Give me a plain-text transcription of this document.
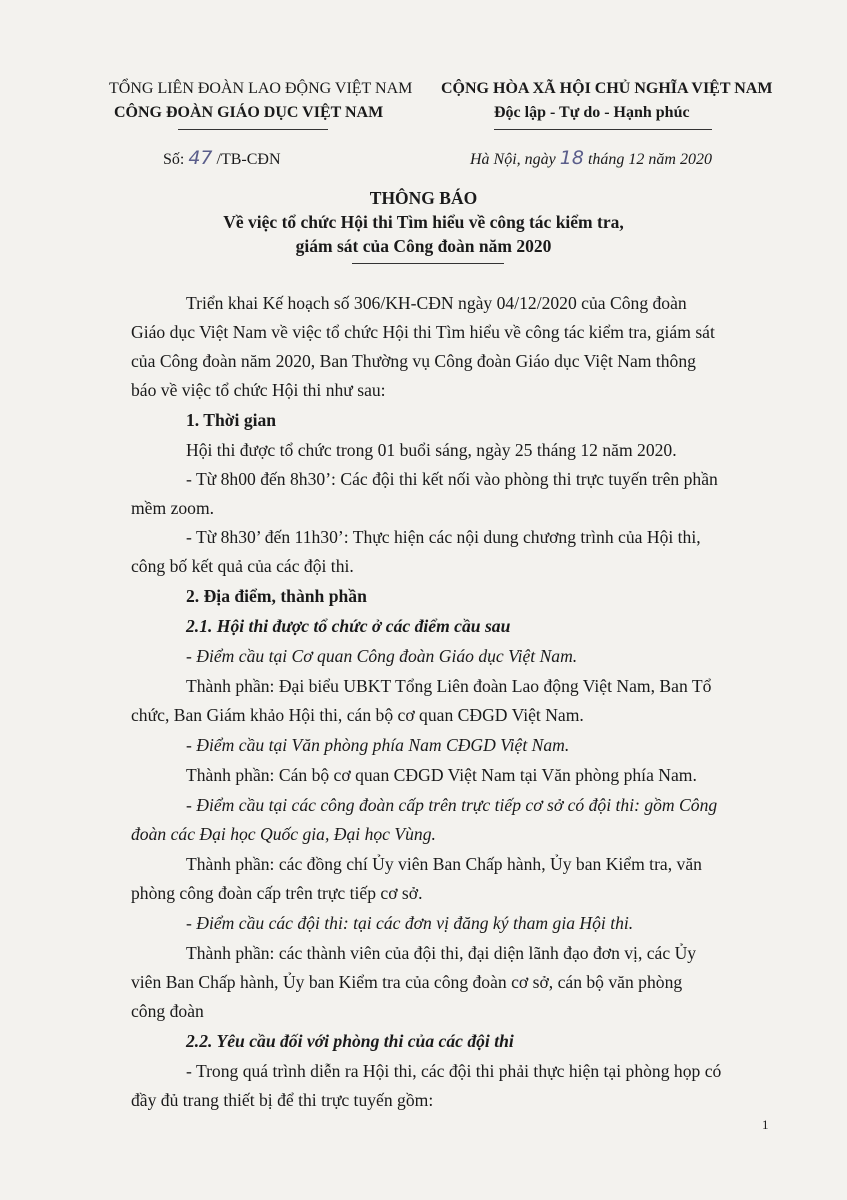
TỔNG LIÊN ĐOÀN LAO ĐỘNG VIỆT NAM
CÔNG ĐOÀN GIÁO DỤC VIỆT NAM
CỘNG HÒA XÃ HỘI CHỦ NGHĨA VIỆT NAM
Độc lập - Tự do - Hạnh phúc
Số: 47 /TB-CĐN	Hà Nội, ngày 18 tháng 12 năm 2020
THÔNG BÁO
Về việc tổ chức Hội thi Tìm hiểu về công tác kiểm tra,
giám sát của Công đoàn năm 2020
Triển khai Kế hoạch số 306/KH-CĐN ngày 04/12/2020 của Công đoàn
Giáo dục Việt Nam về việc tổ chức Hội thi Tìm hiểu về công tác kiểm tra, giám sát
của Công đoàn năm 2020, Ban Thường vụ Công đoàn Giáo dục Việt Nam thông
báo về việc tổ chức Hội thi như sau:
1. Thời gian
Hội thi được tổ chức trong 01 buổi sáng, ngày 25 tháng 12 năm 2020.
- Từ 8h00 đến 8h30’: Các đội thi kết nối vào phòng thi trực tuyến trên phần
mềm zoom.
- Từ 8h30’ đến 11h30’: Thực hiện các nội dung chương trình của Hội thi,
công bố kết quả của các đội thi.
2. Địa điểm, thành phần
2.1. Hội thi được tổ chức ở các điểm cầu sau
- Điểm cầu tại Cơ quan Công đoàn Giáo dục Việt Nam.
Thành phần: Đại biểu UBKT Tổng Liên đoàn Lao động Việt Nam, Ban Tổ
chức, Ban Giám khảo Hội thi, cán bộ cơ quan CĐGD Việt Nam.
- Điểm cầu tại Văn phòng phía Nam CĐGD Việt Nam.
Thành phần: Cán bộ cơ quan CĐGD Việt Nam tại Văn phòng phía Nam.
- Điểm cầu tại các công đoàn cấp trên trực tiếp cơ sở có đội thi: gồm Công
đoàn các Đại học Quốc gia, Đại học Vùng.
Thành phần: các đồng chí Ủy viên Ban Chấp hành, Ủy ban Kiểm tra, văn
phòng công đoàn cấp trên trực tiếp cơ sở.
- Điểm cầu các đội thi: tại các đơn vị đăng ký tham gia Hội thi.
Thành phần: các thành viên của đội thi, đại diện lãnh đạo đơn vị, các Ủy
viên Ban Chấp hành, Ủy ban Kiểm tra của công đoàn cơ sở, cán bộ văn phòng
công đoàn
2.2. Yêu cầu đối với phòng thi của các đội thi
- Trong quá trình diễn ra Hội thi, các đội thi phải thực hiện tại phòng họp có
đầy đủ trang thiết bị để thi trực tuyến gồm:
1
